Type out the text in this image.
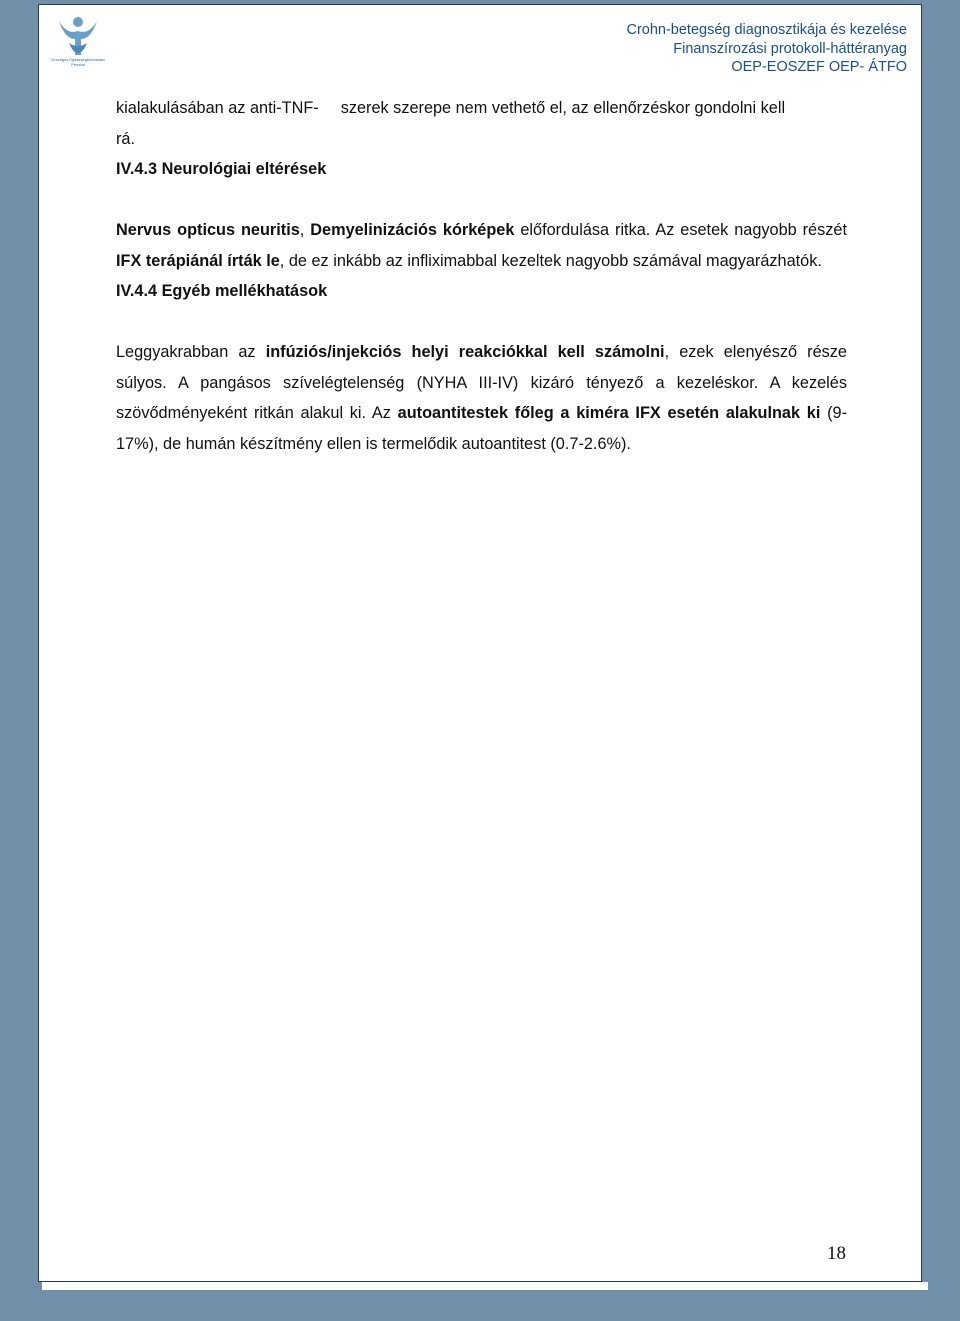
Országos Egészségbiztosítási Pénztár
Crohn-betegség diagnosztikája és kezelése
Finanszírozási protokoll-háttéranyag
OEP-EOSZEF OEP- ÁTFO

kialakulásában az anti-TNF- szerek szerepe nem vethető el, az ellenőrzéskor gondolni kell

rá.

IV.4.3 Neurológiai eltérések

Nervus opticus neuritis, Demyelinizációs kórképek előfordulása ritka. Az esetek nagyobb részét IFX terápiánál írták le, de ez inkább az infliximabbal kezeltek nagyobb számával magyarázhatók.

IV.4.4 Egyéb mellékhatások

Leggyakrabban az infúziós/injekciós helyi reakciókkal kell számolni, ezek elenyésző része súlyos. A pangásos szívelégtelenség (NYHA III-IV) kizáró tényező a kezeléskor. A kezelés szövődményeként ritkán alakul ki. Az autoantitestek főleg a kiméra IFX esetén alakulnak ki (9-17%), de humán készítmény ellen is termelődik autoantitest (0.7-2.6%).

18
